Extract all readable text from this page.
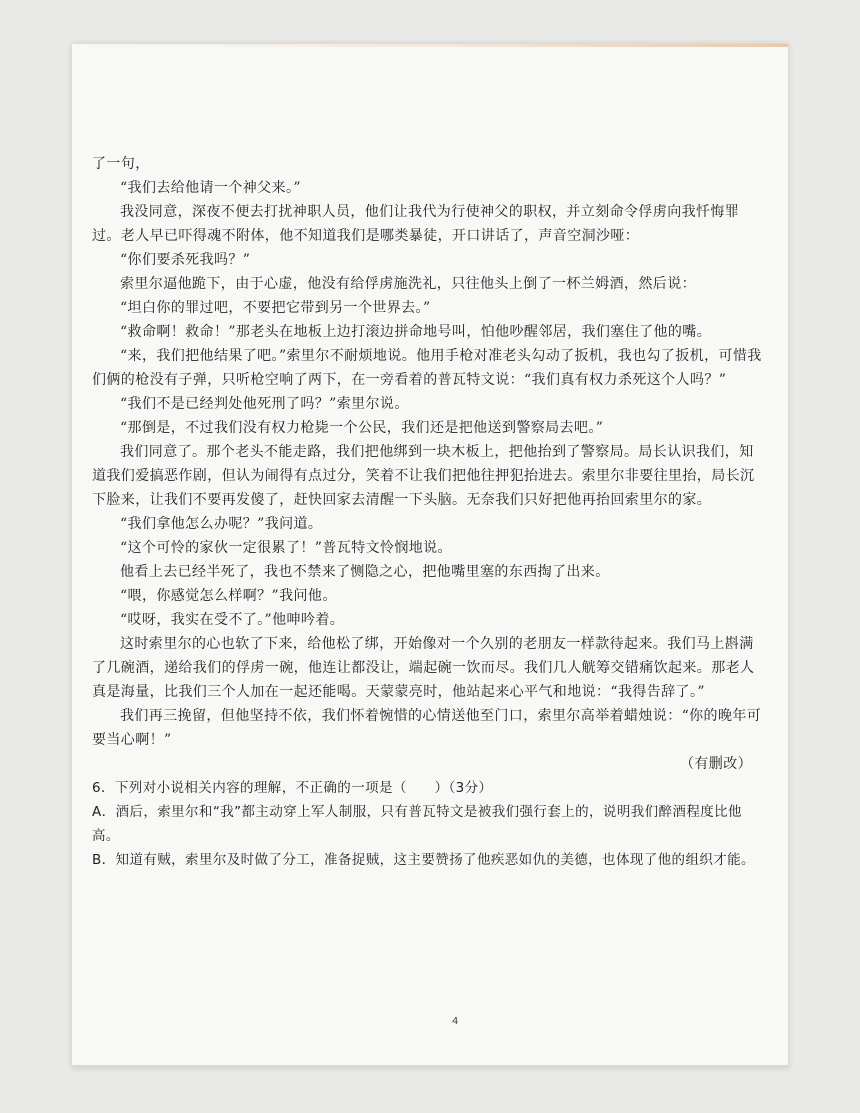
了一句，

“我们去给他请一个神父来。”

我没同意，深夜不便去打扰神职人员，他们让我代为行使神父的职权，并立刻命令俘虏向我忏悔罪过。老人早已吓得魂不附体，他不知道我们是哪类暴徒，开口讲话了，声音空洞沙哑：

“你们要杀死我吗？”

索里尔逼他跪下，由于心虚，他没有给俘虏施洗礼，只往他头上倒了一杯兰姆酒，然后说：

“坦白你的罪过吧，不要把它带到另一个世界去。”

“救命啊！救命！”那老头在地板上边打滚边拼命地号叫，怕他吵醒邻居，我们塞住了他的嘴。

“来，我们把他结果了吧。”索里尔不耐烦地说。他用手枪对准老头勾动了扳机，我也勾了扳机，可惜我们俩的枪没有子弹，只听枪空响了两下，在一旁看着的普瓦特文说：“我们真有权力杀死这个人吗？”

“我们不是已经判处他死刑了吗？”索里尔说。

“那倒是，不过我们没有权力枪毙一个公民，我们还是把他送到警察局去吧。”

我们同意了。那个老头不能走路，我们把他绑到一块木板上，把他抬到了警察局。局长认识我们，知道我们爱搞恶作剧，但认为闹得有点过分，笑着不让我们把他往押犯抬进去。索里尔非要往里抬，局长沉下脸来，让我们不要再发傻了，赶快回家去清醒一下头脑。无奈我们只好把他再抬回索里尔的家。

“我们拿他怎么办呢？”我问道。

“这个可怜的家伙一定很累了！”普瓦特文怜悯地说。

他看上去已经半死了，我也不禁来了恻隐之心，把他嘴里塞的东西掏了出来。

“喂，你感觉怎么样啊？”我问他。

“哎呀，我实在受不了。”他呻吟着。

这时索里尔的心也软了下来，给他松了绑，开始像对一个久别的老朋友一样款待起来。我们马上斟满了几碗酒，递给我们的俘虏一碗，他连让都没让，端起碗一饮而尽。我们几人觥筹交错痛饮起来。那老人真是海量，比我们三个人加在一起还能喝。天蒙蒙亮时，他站起来心平气和地说：“我得告辞了。”

我们再三挽留，但他坚持不依，我们怀着惋惜的心情送他至门口，索里尔高举着蜡烛说：“你的晚年可要当心啊！”

（有删改）

6．下列对小说相关内容的理解，不正确的一项是（　　）（3分）

A．酒后，索里尔和“我”都主动穿上军人制服，只有普瓦特文是被我们强行套上的，说明我们醉酒程度比他高。

B．知道有贼，索里尔及时做了分工，准备捉贼，这主要赞扬了他疾恶如仇的美德，也体现了他的组织才能。

4
